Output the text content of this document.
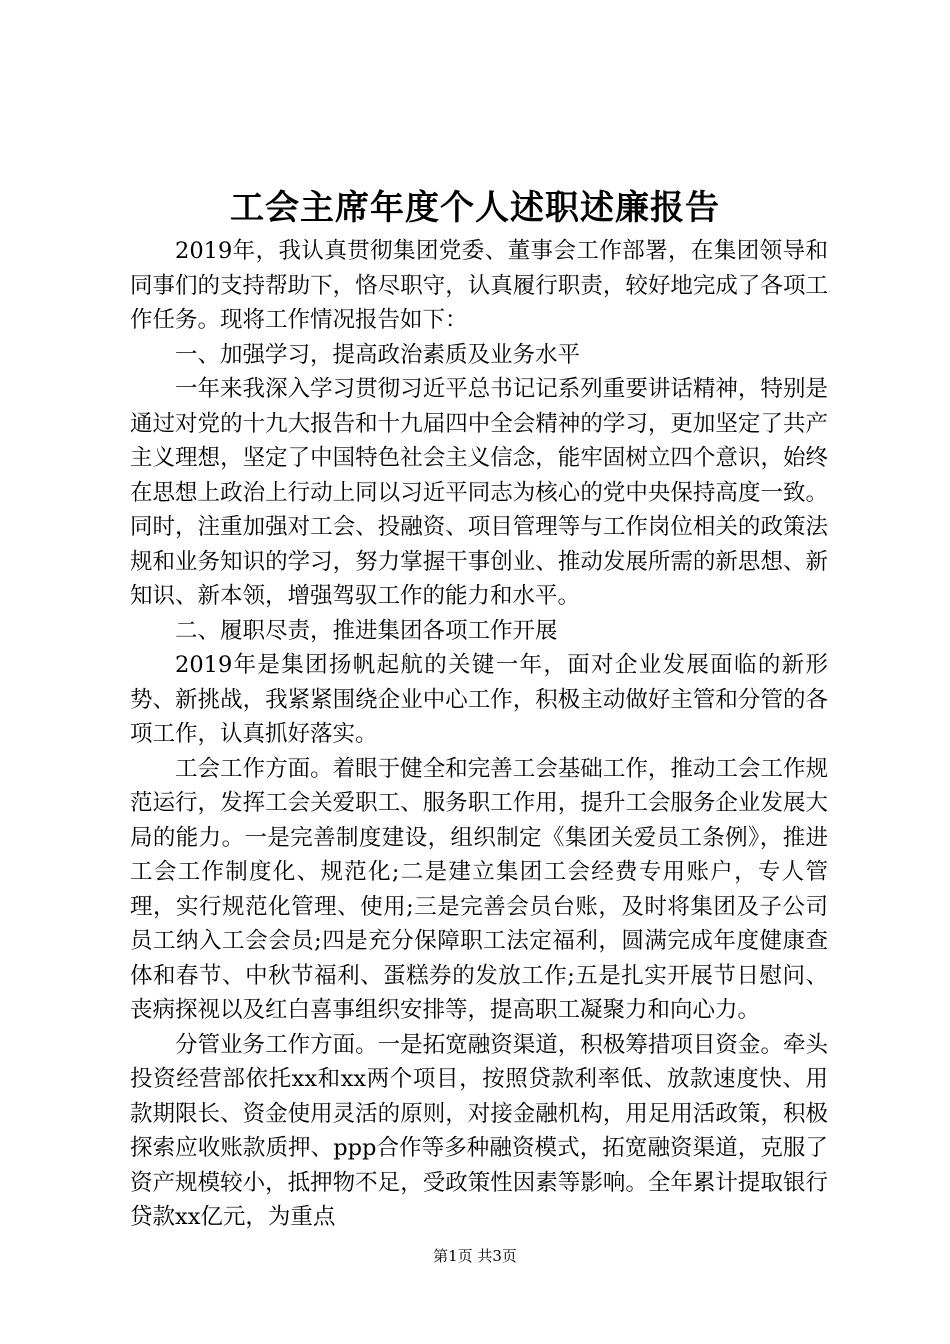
工会主席年度个人述职述廉报告

2019年，我认真贯彻集团党委、董事会工作部署，在集团领导和同事们的支持帮助下，恪尽职守，认真履行职责，较好地完成了各项工作任务。现将工作情况报告如下：

一、加强学习，提高政治素质及业务水平

一年来我深入学习贯彻习近平总书记记系列重要讲话精神，特别是通过对党的十九大报告和十九届四中全会精神的学习，更加坚定了共产主义理想，坚定了中国特色社会主义信念，能牢固树立四个意识，始终在思想上政治上行动上同以习近平同志为核心的党中央保持高度一致。同时，注重加强对工会、投融资、项目管理等与工作岗位相关的政策法规和业务知识的学习，努力掌握干事创业、推动发展所需的新思想、新知识、新本领，增强驾驭工作的能力和水平。

二、履职尽责，推进集团各项工作开展

2019年是集团扬帆起航的关键一年，面对企业发展面临的新形势、新挑战，我紧紧围绕企业中心工作，积极主动做好主管和分管的各项工作，认真抓好落实。

工会工作方面。着眼于健全和完善工会基础工作，推动工会工作规范运行，发挥工会关爱职工、服务职工作用，提升工会服务企业发展大局的能力。一是完善制度建设，组织制定《集团关爱员工条例》，推进工会工作制度化、规范化;二是建立集团工会经费专用账户，专人管理，实行规范化管理、使用;三是完善会员台账，及时将集团及子公司员工纳入工会会员;四是充分保障职工法定福利，圆满完成年度健康查体和春节、中秋节福利、蛋糕券的发放工作;五是扎实开展节日慰问、丧病探视以及红白喜事组织安排等，提高职工凝聚力和向心力。

分管业务工作方面。一是拓宽融资渠道，积极筹措项目资金。牵头投资经营部依托xx和xx两个项目，按照贷款利率低、放款速度快、用款期限长、资金使用灵活的原则，对接金融机构，用足用活政策，积极探索应收账款质押、ppp合作等多种融资模式，拓宽融资渠道，克服了资产规模较小，抵押物不足，受政策性因素等影响。全年累计提取银行贷款xx亿元，为重点

第1页 共3页
